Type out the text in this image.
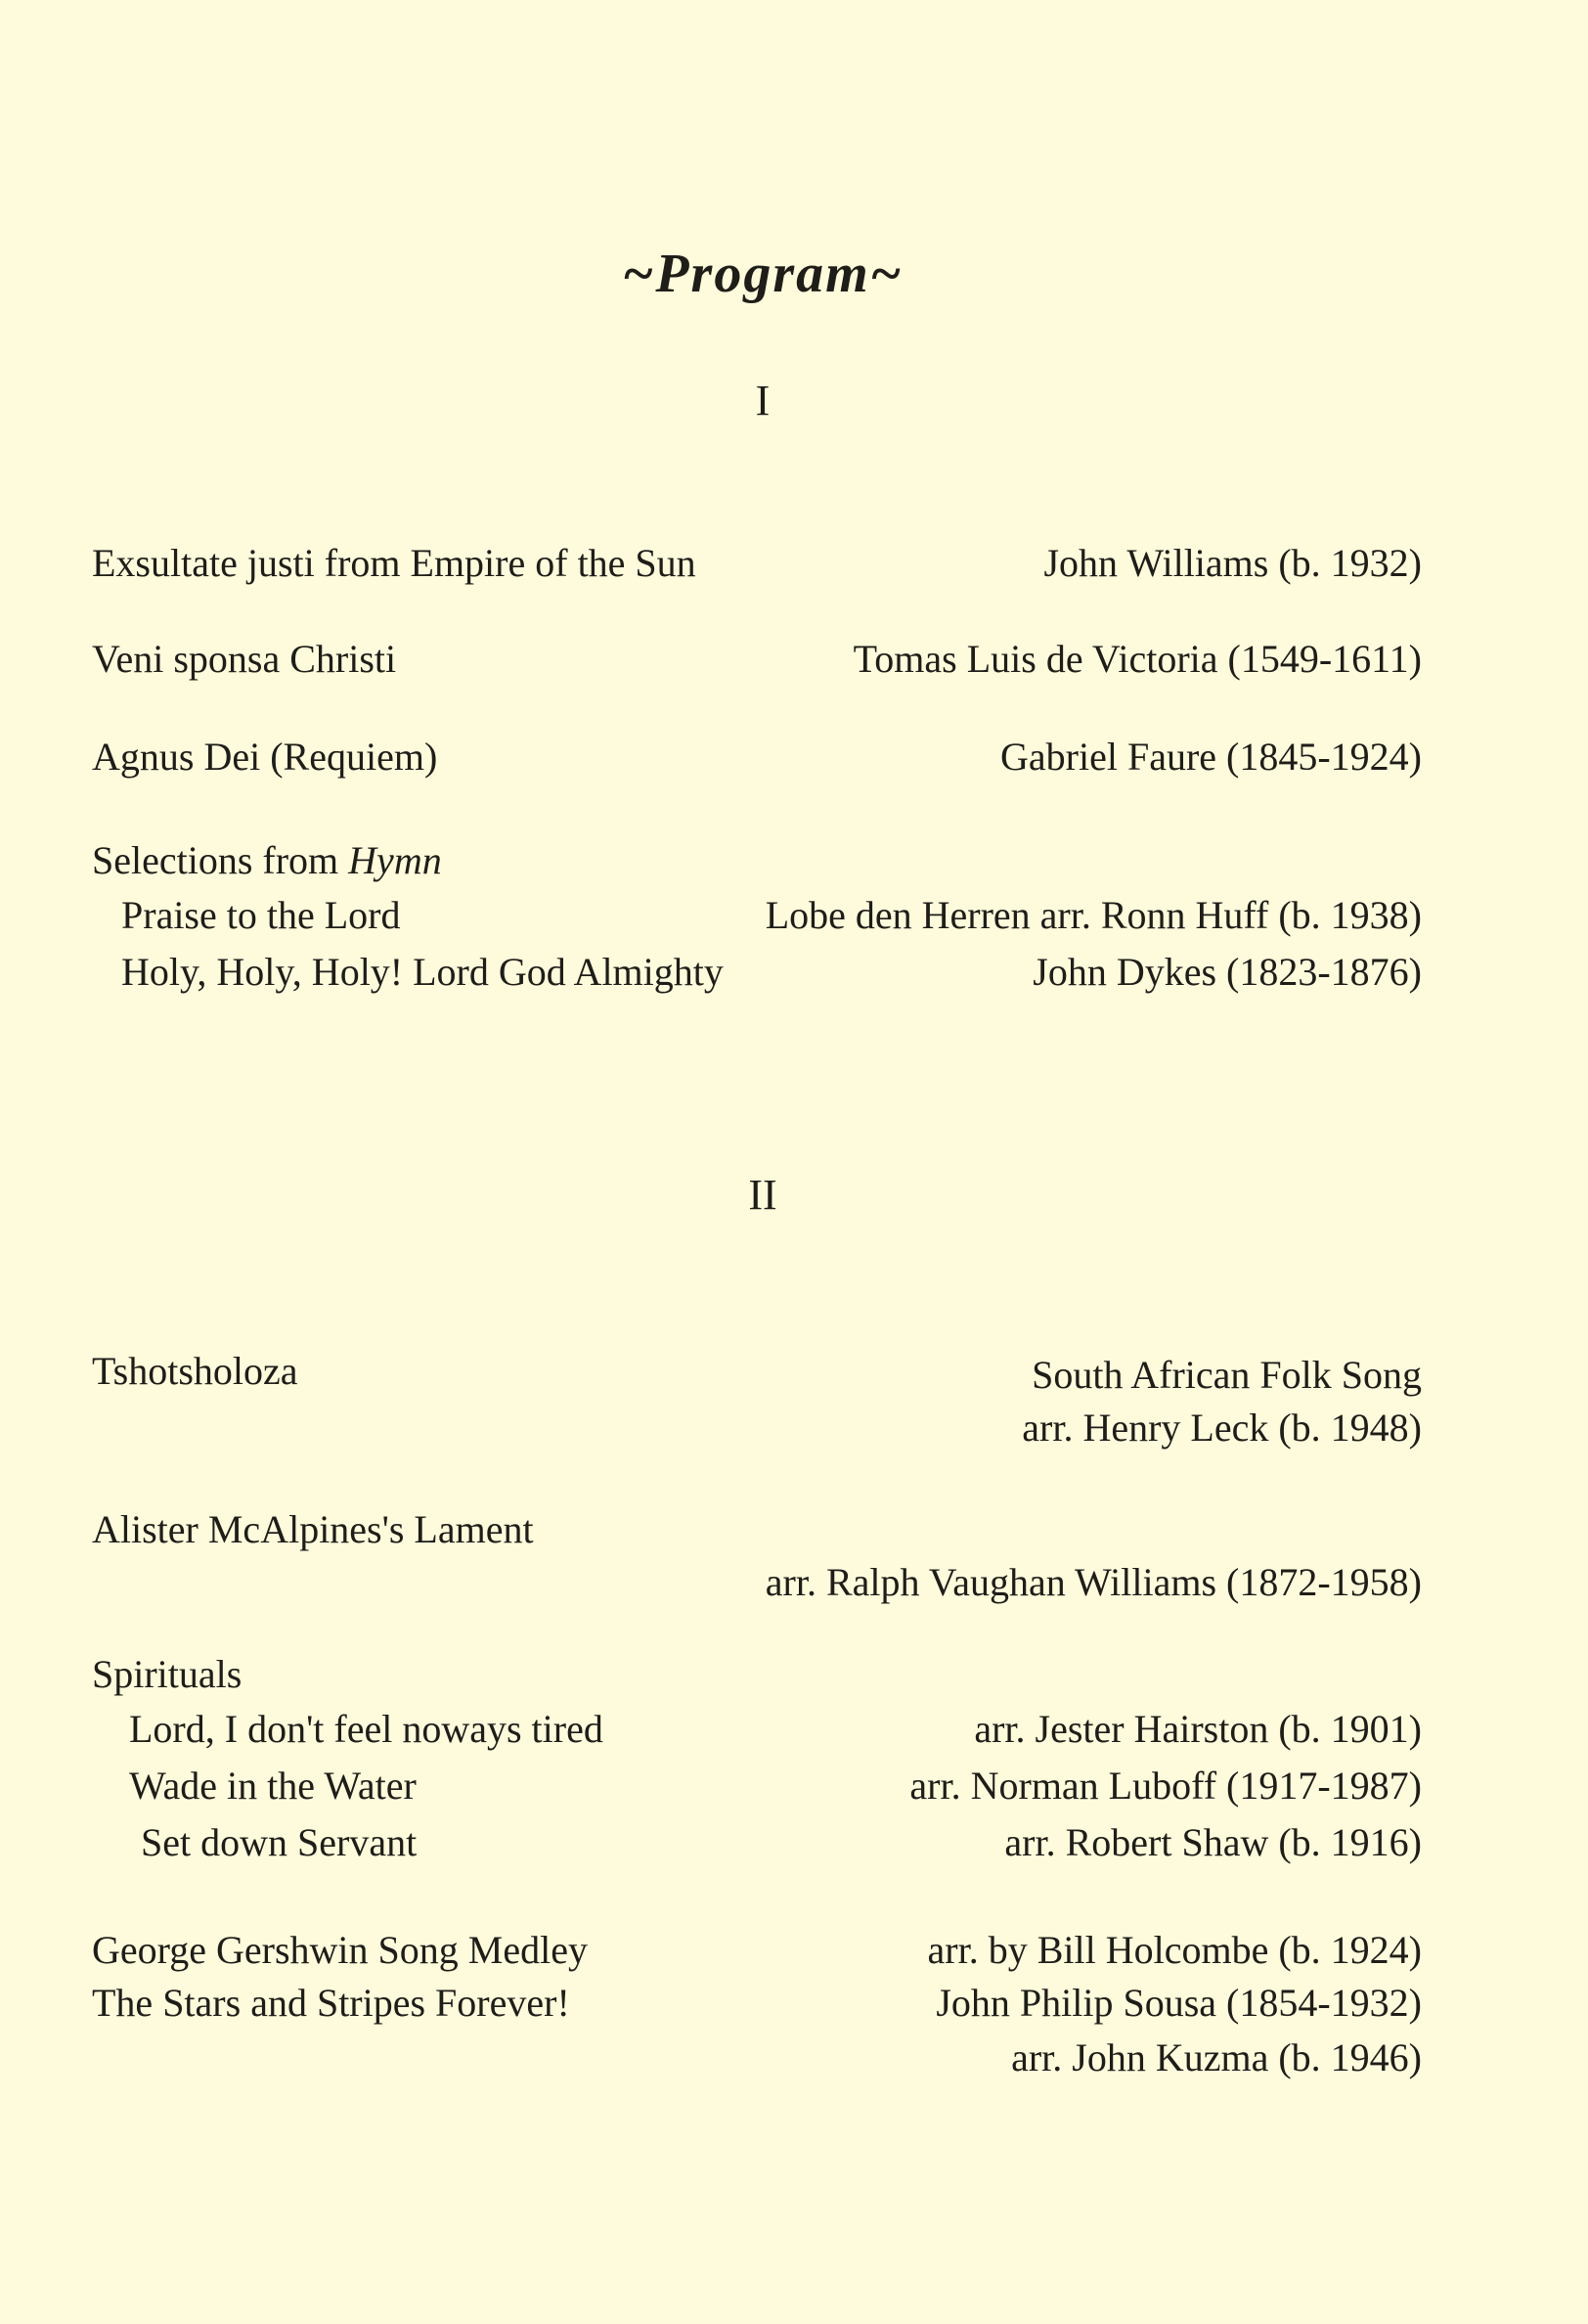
~Program~
I
Exsultate justi from Empire of the Sun	John Williams (b. 1932)
Veni sponsa Christi	Tomas Luis de Victoria (1549-1611)
Agnus Dei (Requiem)	Gabriel Faure (1845-1924)
Selections from Hymn
Praise to the Lord	Lobe den Herren arr. Ronn Huff (b. 1938)
Holy, Holy, Holy! Lord God Almighty	John Dykes (1823-1876)
II
Tshotsholoza	South African Folk Song
arr. Henry Leck (b. 1948)
Alister McAlpines's Lament
arr. Ralph Vaughan Williams (1872-1958)
Spirituals
Lord, I don't feel noways tired	arr. Jester Hairston (b. 1901)
Wade in the Water	arr. Norman Luboff (1917-1987)
Set down Servant	arr. Robert Shaw (b. 1916)
George Gershwin Song Medley	arr. by Bill Holcombe (b. 1924)
The Stars and Stripes Forever!	John Philip Sousa (1854-1932)
arr. John Kuzma (b. 1946)
